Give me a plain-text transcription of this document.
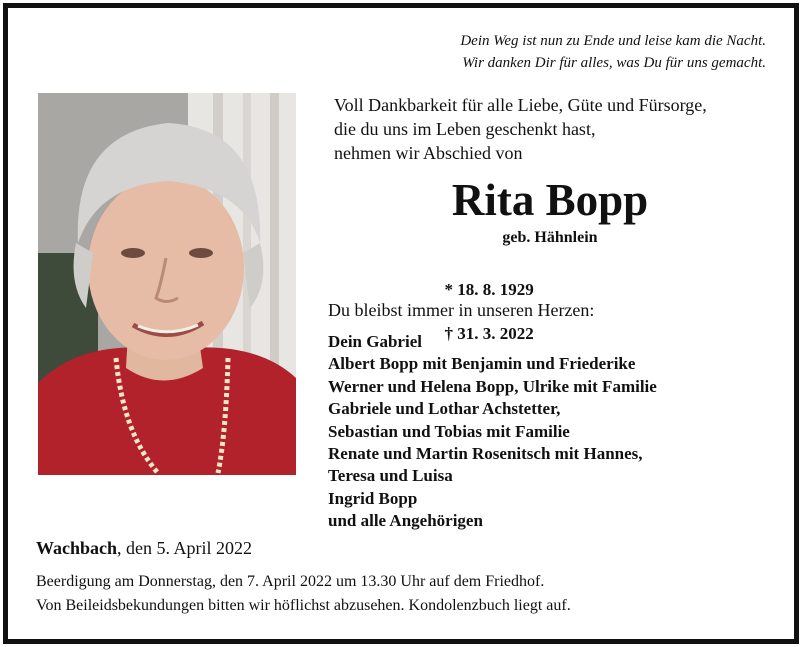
Dein Weg ist nun zu Ende und leise kam die Nacht.
Wir danken Dir für alles, was Du für uns gemacht.
Voll Dankbarkeit für alle Liebe, Güte und Fürsorge,
die du uns im Leben geschenkt hast,
nehmen wir Abschied von
Rita Bopp
geb. Hähnlein

* 18. 8. 1929

† 31. 3. 2022

Du bleibst immer in unseren Herzen:
Dein Gabriel
Albert Bopp mit Benjamin und Friederike
Werner und Helena Bopp, Ulrike mit Familie
Gabriele und Lothar Achstetter,
Sebastian und Tobias mit Familie
Renate und Martin Rosenitsch mit Hannes,
Teresa und Luisa
Ingrid Bopp
und alle Angehörigen
Wachbach, den 5. April 2022
Beerdigung am Donnerstag, den 7. April 2022 um 13.30 Uhr auf dem Friedhof.
Von Beileidsbekundungen bitten wir höflichst abzusehen. Kondolenzbuch liegt auf.
